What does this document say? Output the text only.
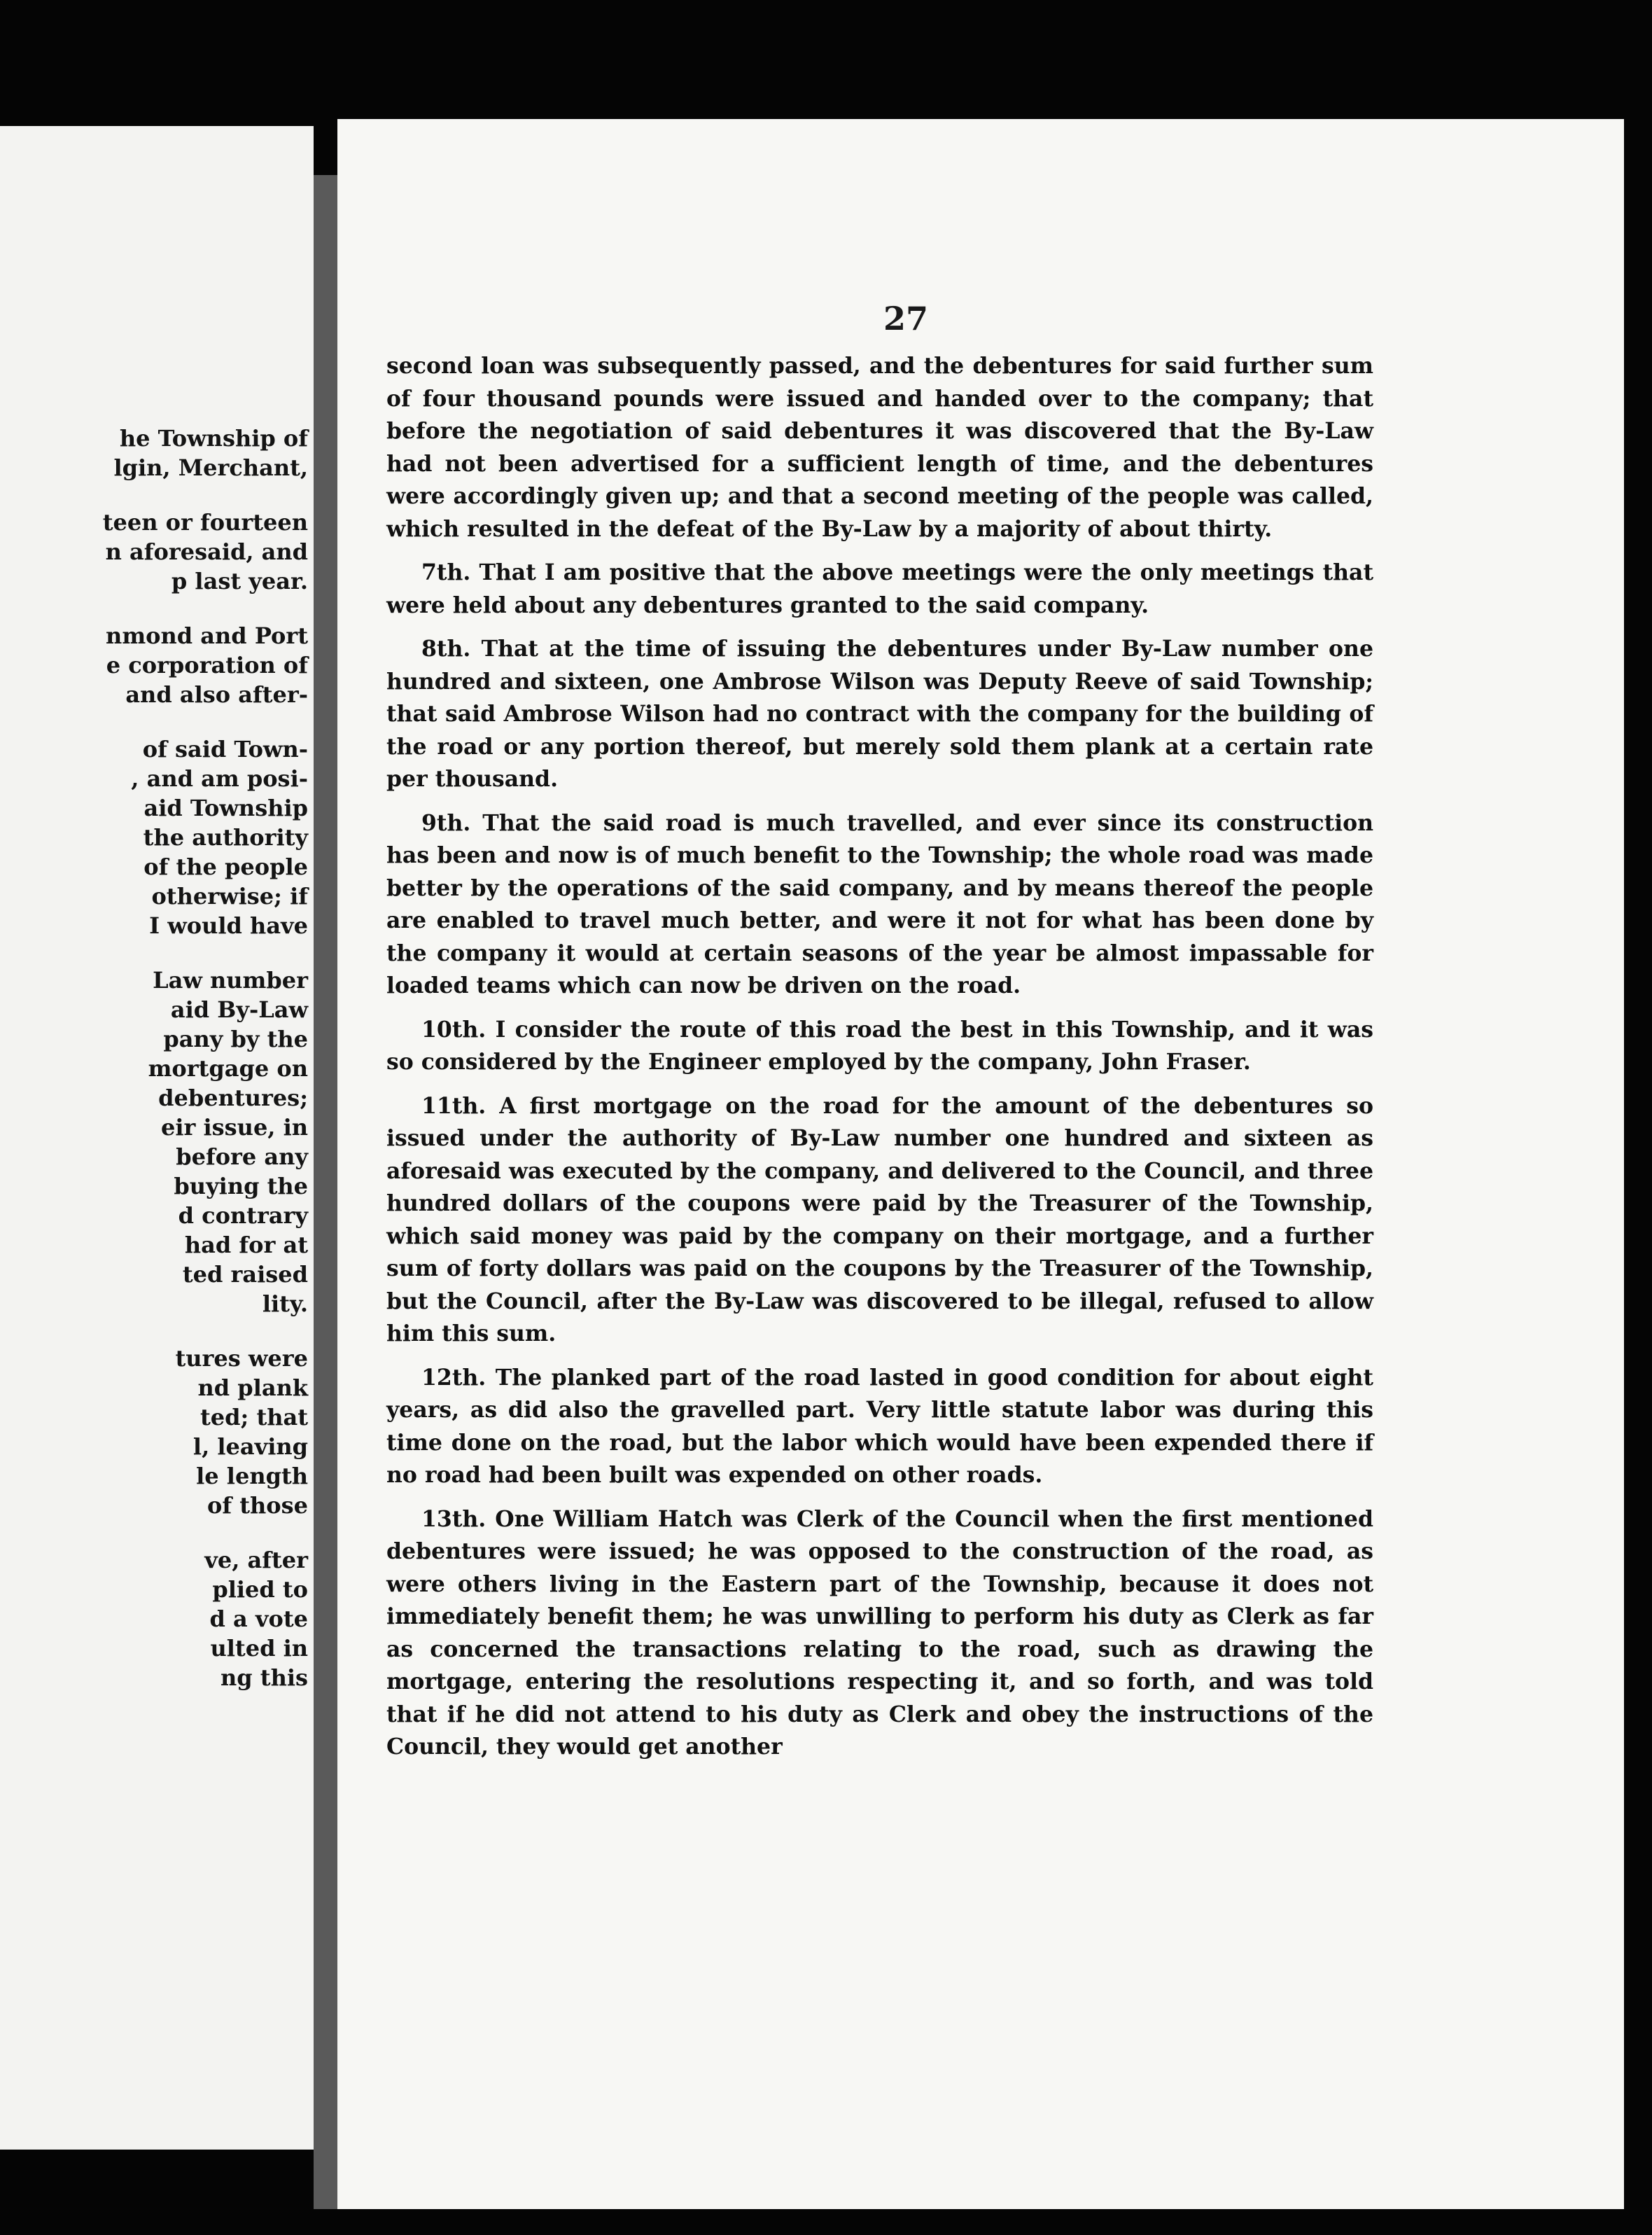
he Township of
lgin, Merchant,
teen or fourteen
n aforesaid, and
p last year.
nmond and Port
e corporation of
and also after-
of said Town-
, and am posi-
aid Township
the authority
of the people
otherwise; if
I would have
Law number
aid By-Law
pany by the
mortgage on
debentures;
eir issue, in
before any
buying the
d contrary
had for at
ted raised
lity.
tures were
nd plank
ted; that
l, leaving
le length
of those
ve, after
plied to
d a vote
ulted in
ng this
27

second loan was subsequently passed, and the debentures for said further sum of four thousand pounds were issued and handed over to the company; that before the negotiation of said debentures it was discovered that the By-Law had not been advertised for a sufficient length of time, and the debentures were accordingly given up; and that a second meeting of the people was called, which resulted in the defeat of the By-Law by a majority of about thirty.

7th. That I am positive that the above meetings were the only meetings that were held about any debentures granted to the said company.

8th. That at the time of issuing the debentures under By-Law number one hundred and sixteen, one Ambrose Wilson was Deputy Reeve of said Township; that said Ambrose Wilson had no contract with the company for the building of the road or any portion thereof, but merely sold them plank at a certain rate per thousand.

9th. That the said road is much travelled, and ever since its construction has been and now is of much benefit to the Township; the whole road was made better by the operations of the said company, and by means thereof the people are enabled to travel much better, and were it not for what has been done by the company it would at certain seasons of the year be almost impassable for loaded teams which can now be driven on the road.

10th. I consider the route of this road the best in this Township, and it was so considered by the Engineer employed by the company, John Fraser.

11th. A first mortgage on the road for the amount of the debentures so issued under the authority of By-Law number one hundred and sixteen as aforesaid was executed by the company, and delivered to the Council, and three hundred dollars of the coupons were paid by the Treasurer of the Township, which said money was paid by the company on their mortgage, and a further sum of forty dollars was paid on the coupons by the Treasurer of the Township, but the Council, after the By-Law was discovered to be illegal, refused to allow him this sum.

12th. The planked part of the road lasted in good condition for about eight years, as did also the gravelled part. Very little statute labor was during this time done on the road, but the labor which would have been expended there if no road had been built was expended on other roads.

13th. One William Hatch was Clerk of the Council when the first mentioned debentures were issued; he was opposed to the construction of the road, as were others living in the Eastern part of the Township, because it does not immediately benefit them; he was unwilling to perform his duty as Clerk as far as concerned the transactions relating to the road, such as drawing the mortgage, entering the resolutions respecting it, and so forth, and was told that if he did not attend to his duty as Clerk and obey the instructions of the Council, they would get another
